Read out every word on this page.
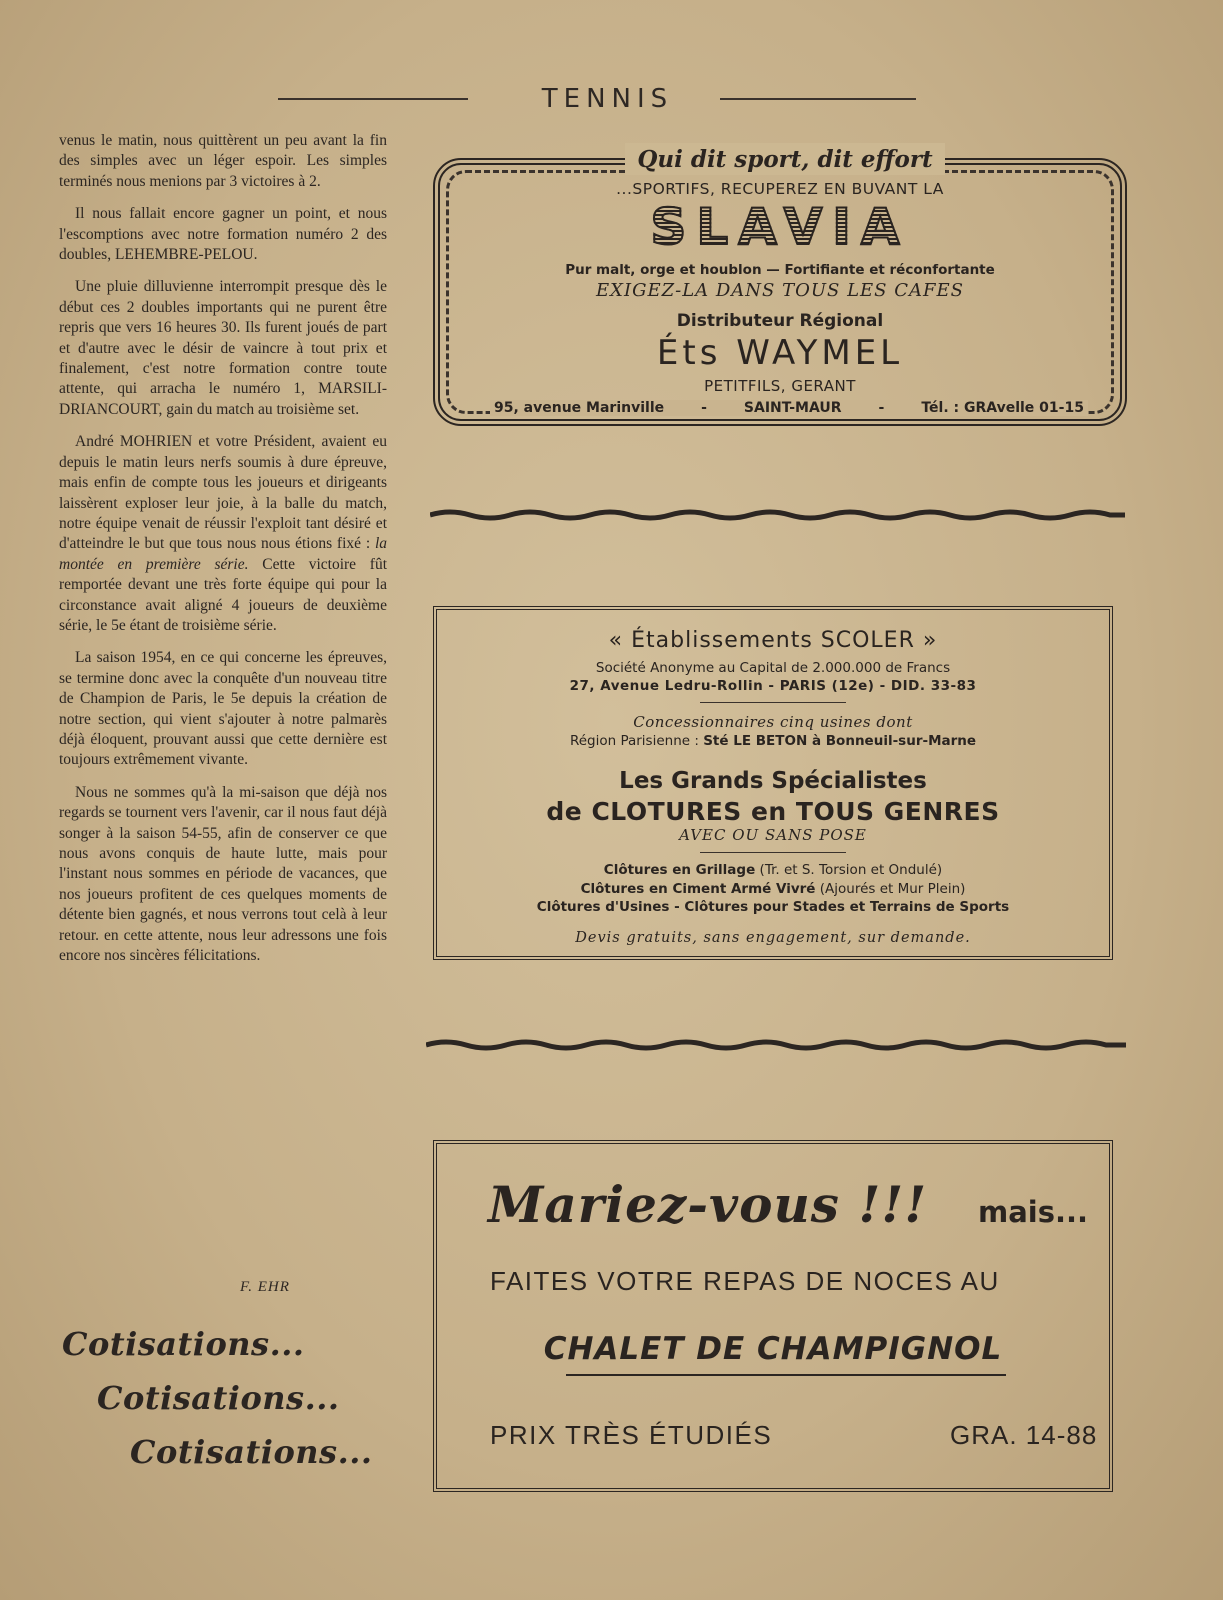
TENNIS

venus le matin, nous quittèrent un peu avant la fin des simples avec un léger espoir. Les simples terminés nous menions par 3 victoires à 2.

Il nous fallait encore gagner un point, et nous l'escomptions avec notre formation numéro 2 des doubles, LEHEMBRE-PELOU.

Une pluie dilluvienne interrompit presque dès le début ces 2 doubles importants qui ne purent être repris que vers 16 heures 30. Ils furent joués de part et d'autre avec le désir de vaincre à tout prix et finalement, c'est notre formation contre toute attente, qui arracha le numéro 1, MARSILI-DRIANCOURT, gain du match au troisième set.

André MOHRIEN et votre Président, avaient eu depuis le matin leurs nerfs soumis à dure épreuve, mais enfin de compte tous les joueurs et dirigeants laissèrent exploser leur joie, à la balle du match, notre équipe venait de réussir l'exploit tant désiré et d'atteindre le but que tous nous nous étions fixé : la montée en première série. Cette victoire fût remportée devant une très forte équipe qui pour la circonstance avait aligné 4 joueurs de deuxième série, le 5e étant de troisième série.

La saison 1954, en ce qui concerne les épreuves, se termine donc avec la conquête d'un nouveau titre de Champion de Paris, le 5e depuis la création de notre section, qui vient s'ajouter à notre palmarès déjà éloquent, prouvant aussi que cette dernière est toujours extrêmement vivante.

Nous ne sommes qu'à la mi-saison que déjà nos regards se tournent vers l'avenir, car il nous faut déjà songer à la saison 54-55, afin de conserver ce que nous avons conquis de haute lutte, mais pour l'instant nous sommes en période de vacances, que nos joueurs profitent de ces quelques moments de détente bien gagnés, et nous verrons tout celà à leur retour. en cette attente, nous leur adressons une fois encore nos sincères félicitations.

F. EHR
Cotisations...
Cotisations...
Cotisations...
Qui dit sport, dit effort
...SPORTIFS, RECUPEREZ EN BUVANT LA
SLAVIA
Pur malt, orge et houblon — Fortifiante et réconfortante
EXIGEZ-LA DANS TOUS LES CAFES
Distributeur Régional
Éts WAYMEL
PETITFILS, GERANT
95, avenue Marinville	-	SAINT-MAUR	-	Tél. : GRAvelle 01-15
« Établissements SCOLER »
Société Anonyme au Capital de 2.000.000 de Francs
27, Avenue Ledru-Rollin - PARIS (12e) - DID. 33-83
Concessionnaires cinq usines dont
Région Parisienne : Sté LE BETON à Bonneuil-sur-Marne
Les Grands Spécialistes
de CLOTURES en TOUS GENRES
AVEC OU SANS POSE
Clôtures en Grillage (Tr. et S. Torsion et Ondulé)
Clôtures en Ciment Armé Vivré (Ajourés et Mur Plein)
Clôtures d'Usines - Clôtures pour Stades et Terrains de Sports
Devis gratuits, sans engagement, sur demande.
Mariez-vous !!! mais...
FAITES VOTRE REPAS DE NOCES AU
CHALET DE CHAMPIGNOL
PRIX TRÈS ÉTUDIÉS	GRA. 14-88
